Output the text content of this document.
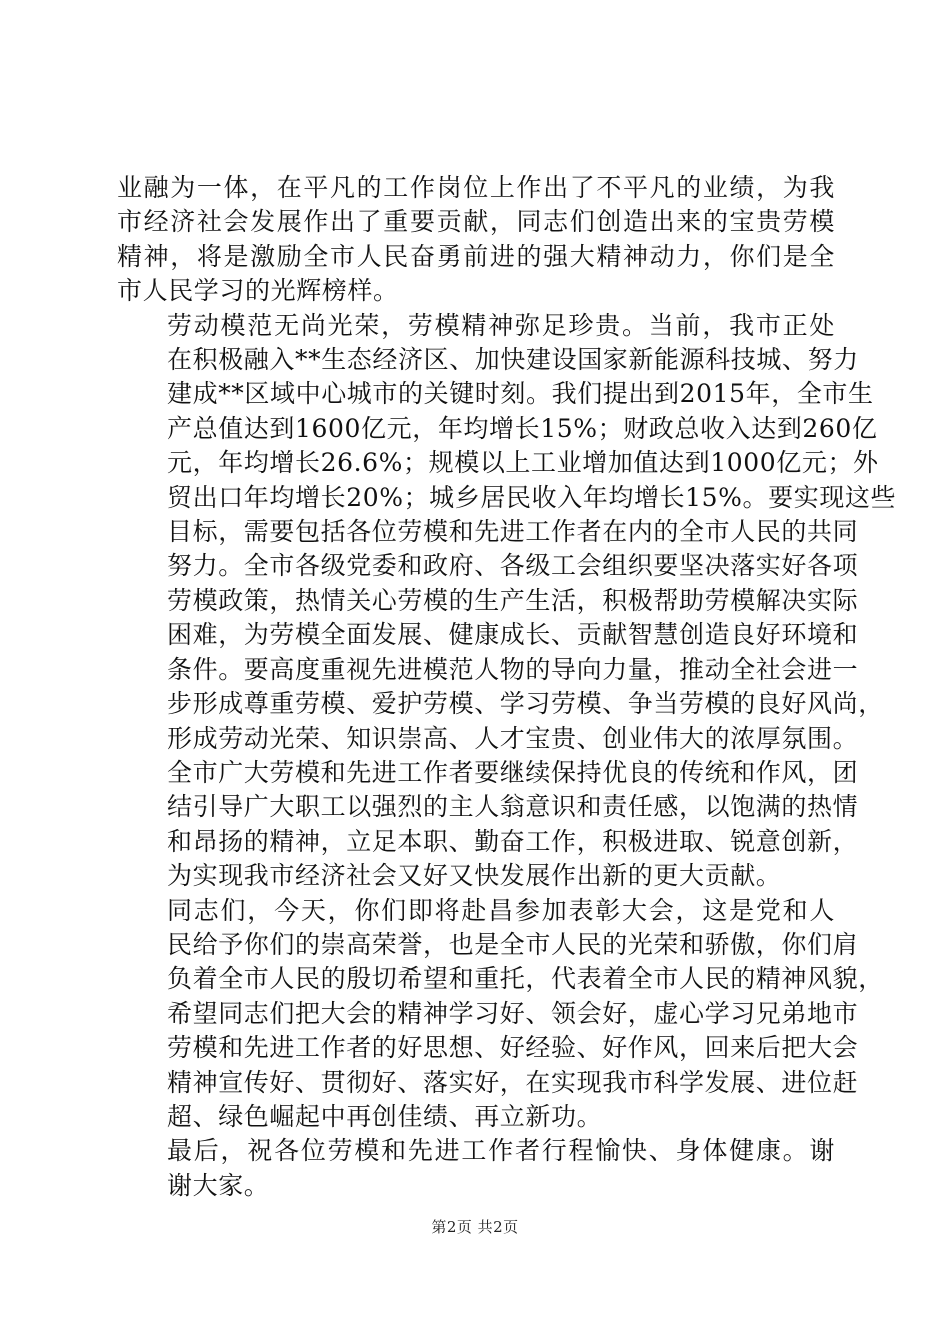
业融为一体，在平凡的工作岗位上作出了不平凡的业绩，为我
市经济社会发展作出了重要贡献，同志们创造出来的宝贵劳模
精神，将是激励全市人民奋勇前进的强大精神动力，你们是全
市人民学习的光辉榜样。

劳动模范无尚光荣，劳模精神弥足珍贵。当前，我市正处
在积极融入**生态经济区、加快建设国家新能源科技城、努力
建成**区域中心城市的关键时刻。我们提出到2015年，全市生
产总值达到1600亿元，年均增长15%；财政总收入达到260亿
元，年均增长26.6%；规模以上工业增加值达到1000亿元；外
贸出口年均增长20%；城乡居民收入年均增长15%。要实现这些
目标，需要包括各位劳模和先进工作者在内的全市人民的共同
努力。全市各级党委和政府、各级工会组织要坚决落实好各项
劳模政策，热情关心劳模的生产生活，积极帮助劳模解决实际
困难，为劳模全面发展、健康成长、贡献智慧创造良好环境和
条件。要高度重视先进模范人物的导向力量，推动全社会进一
步形成尊重劳模、爱护劳模、学习劳模、争当劳模的良好风尚，
形成劳动光荣、知识崇高、人才宝贵、创业伟大的浓厚氛围。
全市广大劳模和先进工作者要继续保持优良的传统和作风，团
结引导广大职工以强烈的主人翁意识和责任感，以饱满的热情
和昂扬的精神，立足本职、勤奋工作，积极进取、锐意创新，
为实现我市经济社会又好又快发展作出新的更大贡献。

同志们，今天，你们即将赴昌参加表彰大会，这是党和人
民给予你们的崇高荣誉，也是全市人民的光荣和骄傲，你们肩
负着全市人民的殷切希望和重托，代表着全市人民的精神风貌，
希望同志们把大会的精神学习好、领会好，虚心学习兄弟地市
劳模和先进工作者的好思想、好经验、好作风，回来后把大会
精神宣传好、贯彻好、落实好，在实现我市科学发展、进位赶
超、绿色崛起中再创佳绩、再立新功。

最后，祝各位劳模和先进工作者行程愉快、身体健康。谢
谢大家。

第2页 共2页
